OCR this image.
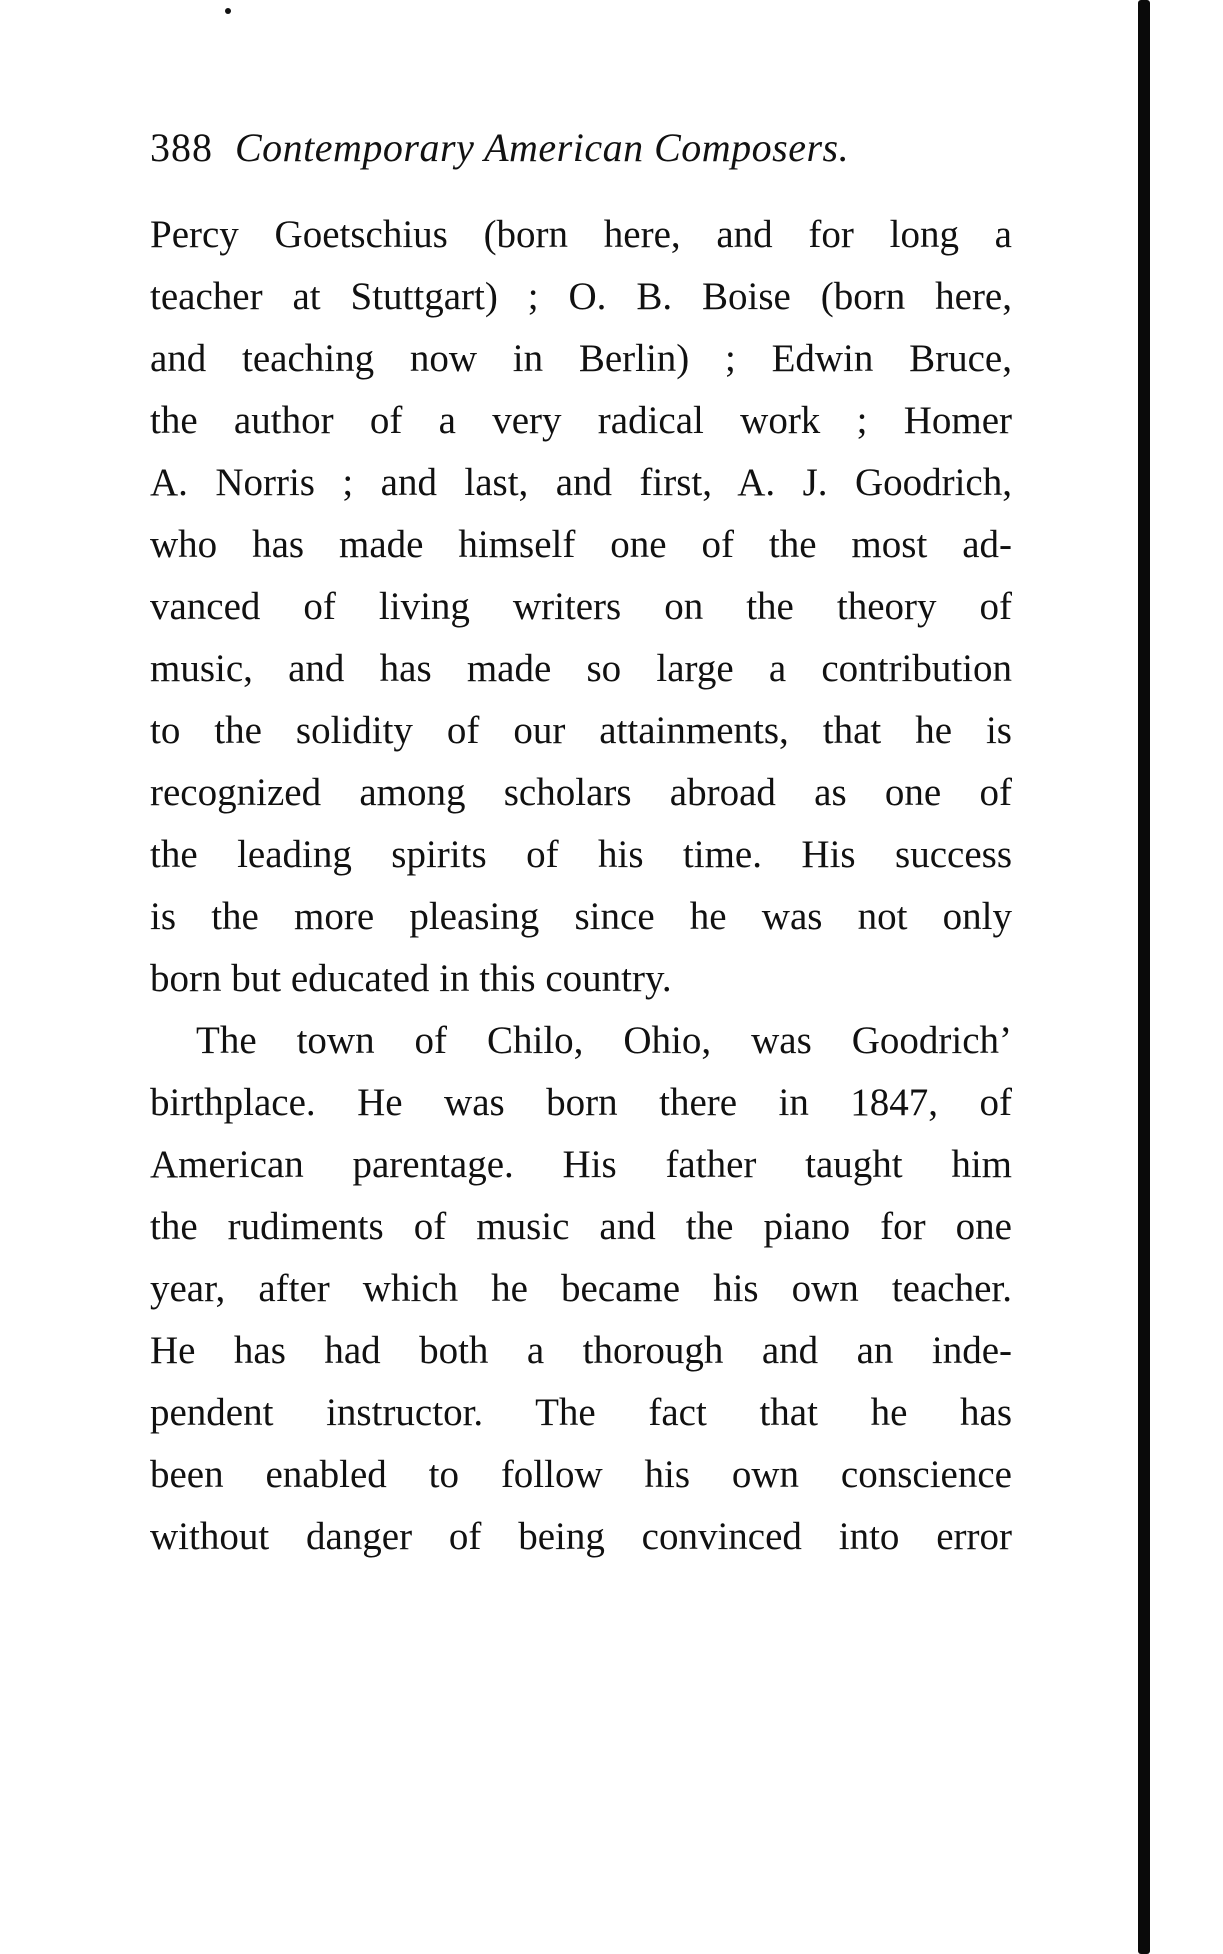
388 Contemporary American Composers.
Percy Goetschius (born here, and for long a
teacher at Stuttgart) ; O. B. Boise (born here,
and teaching now in Berlin) ; Edwin Bruce,
the author of a very radical work ; Homer
A. Norris ; and last, and first, A. J. Goodrich,
who has made himself one of the most ad-
vanced of living writers on the theory of
music, and has made so large a contribution
to the solidity of our attainments, that he is
recognized among scholars abroad as one of
the leading spirits of his time. His success
is the more pleasing since he was not only
born but educated in this country.
The town of Chilo, Ohio, was Goodrich’
birthplace. He was born there in 1847, of
American parentage. His father taught him
the rudiments of music and the piano for one
year, after which he became his own teacher.
He has had both a thorough and an inde-
pendent instructor. The fact that he has
been enabled to follow his own conscience
without danger of being convinced into error
